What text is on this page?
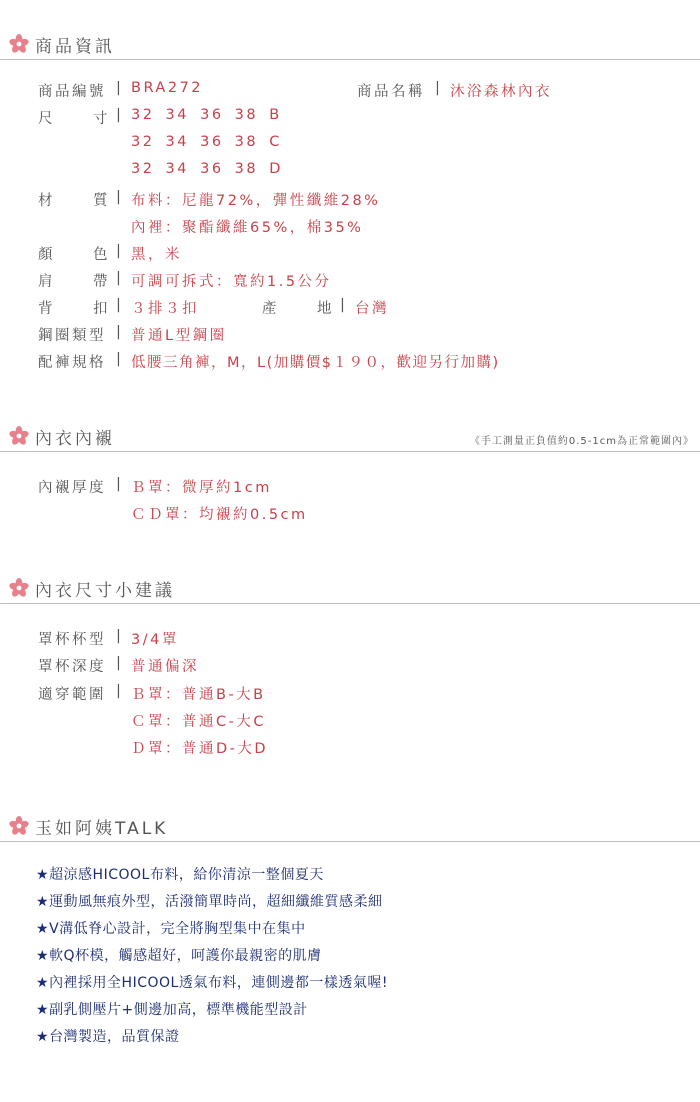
商品資訊
商品編號 | BRA272	商品名稱 | 沐浴森林內衣
尺	寸 | 32 34 36 38 B
32 34 36 38 C
32 34 36 38 D
材	質 | 布料：尼龍72%，彈性纖維28%
內裡：聚酯纖維65%，棉35%
顏	色 | 黑，米
肩	帶 | 可調可拆式：寬約1.5公分
背	扣 | ３排３扣	產	地 | 台灣
鋼圈類型 | 普通L型鋼圈
配褲規格 | 低腰三角褲，M，L(加購價$１９０，歡迎另行加購)
內衣內襯	《手工測量正負值約0.5-1cm為正常範圍內》
內襯厚度 | Ｂ罩：微厚約1cm
ＣＤ罩：均襯約0.5cm
內衣尺寸小建議
罩杯杯型 | 3/4罩
罩杯深度 | 普通偏深
適穿範圍 | Ｂ罩：普通B-大B
Ｃ罩：普通C-大C
Ｄ罩：普通D-大D
玉如阿姨TALK
★超涼感HICOOL布料，給你清涼一整個夏天
★運動風無痕外型，活潑簡單時尚，超細纖維質感柔細
★V溝低脊心設計，完全將胸型集中在集中
★軟Q杯模，觸感超好，呵護你最親密的肌膚
★內裡採用全HICOOL透氣布料，連側邊都一樣透氣喔!
★副乳側壓片+側邊加高，標準機能型設計
★台灣製造，品質保證
